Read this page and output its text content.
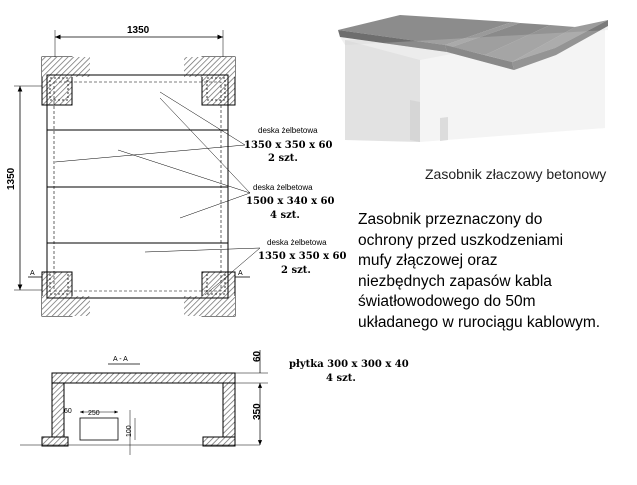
A	A
1350
1350
deska żelbetowa
1350 x 350 x 60
2 szt.
deska żelbetowa
1500 x 340 x 60
4 szt.
deska żelbetowa
1350 x 350 x 60
2 szt.
A - A
250
100
60
60
350
płytka 300 x 300 x 40
4 szt.
Zasobnik złaczowy betonowy
Zasobnik przeznaczony do
ochrony przed uszkodzeniami
mufy złączowej oraz
niezbędnych zapasów kabla
światłowodowego do 50m
układanego w rurociągu kablowym.
